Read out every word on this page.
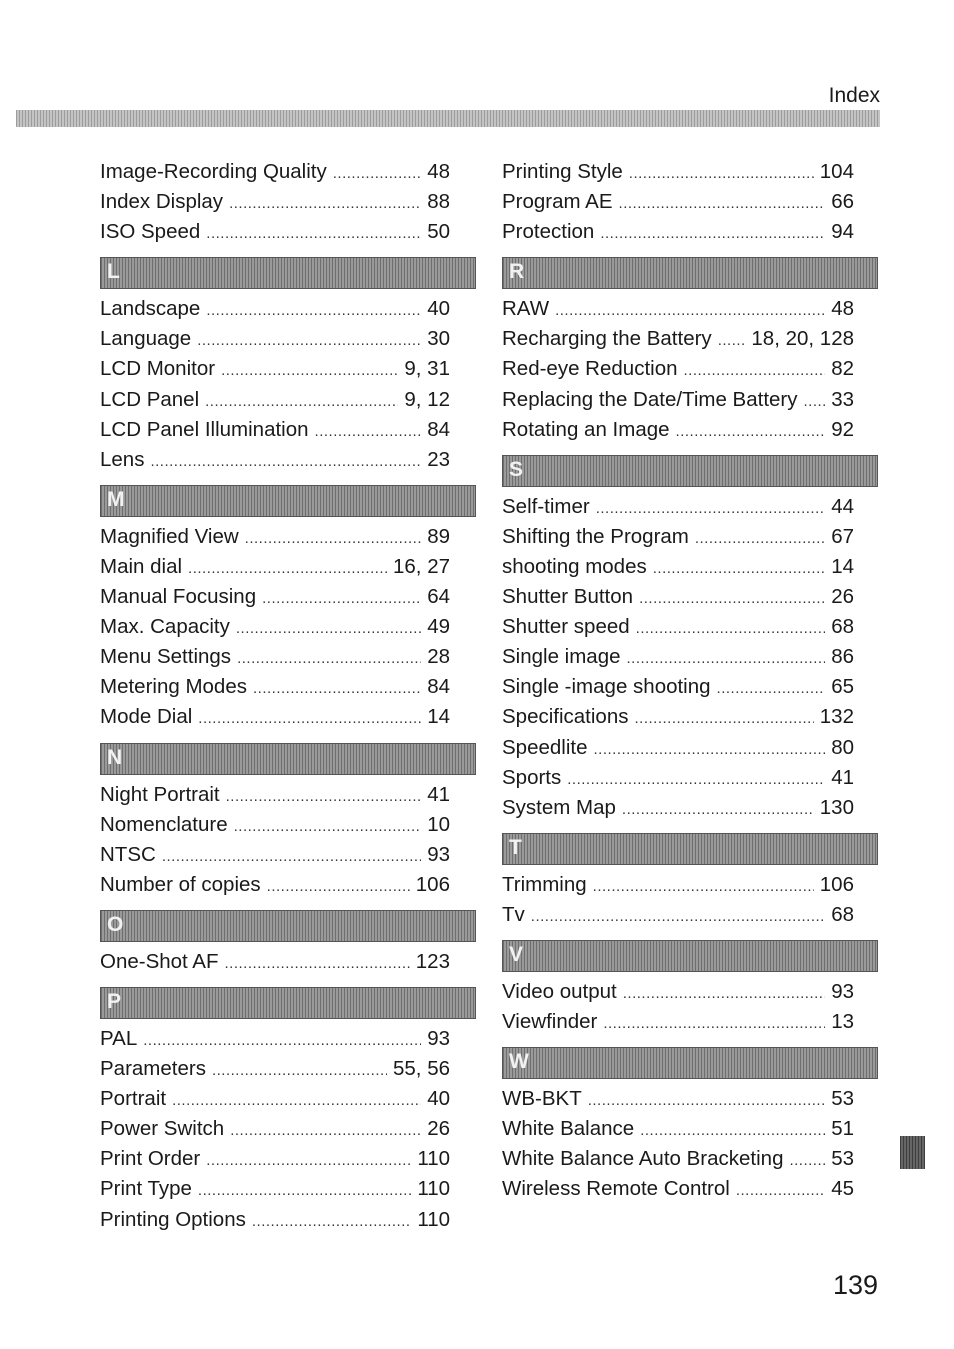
Index
Image-Recording Quality .....	48
Index Display .....	88
ISO Speed .....	50
L
Landscape .....	40
Language .....	30
LCD Monitor .....	9, 31
LCD Panel .....	9, 12
LCD Panel Illumination .....	84
Lens .....	23
M
Magnified View .....	89
Main dial .....	16, 27
Manual Focusing .....	64
Max. Capacity .....	49
Menu Settings .....	28
Metering Modes .....	84
Mode Dial .....	14
N
Night Portrait .....	41
Nomenclature .....	10
NTSC .....	93
Number of copies .....	106
O
One-Shot AF .....	123
P
PAL .....	93
Parameters .....	55, 56
Portrait .....	40
Power Switch .....	26
Print Order .....	110
Print Type .....	110
Printing Options .....	110
Printing Style .....	104
Program AE .....	66
Protection .....	94
R
RAW .....	48
Recharging the Battery ..... 18, 20, 128
Red-eye Reduction .....	82
Replacing the Date/Time Battery ..... 33
Rotating an Image .....	92
S
Self-timer .....	44
Shifting the Program .....	67
shooting modes .....	14
Shutter Button .....	26
Shutter speed .....	68
Single image .....	86
Single -image shooting .....	65
Specifications .....	132
Speedlite .....	80
Sports .....	41
System Map .....	130
T
Trimming .....	106
Tv .....	68
V
Video output .....	93
Viewfinder .....	13
W
WB-BKT .....	53
White Balance .....	51
White Balance Auto Bracketing ..... 53
Wireless Remote Control .....	45
139
